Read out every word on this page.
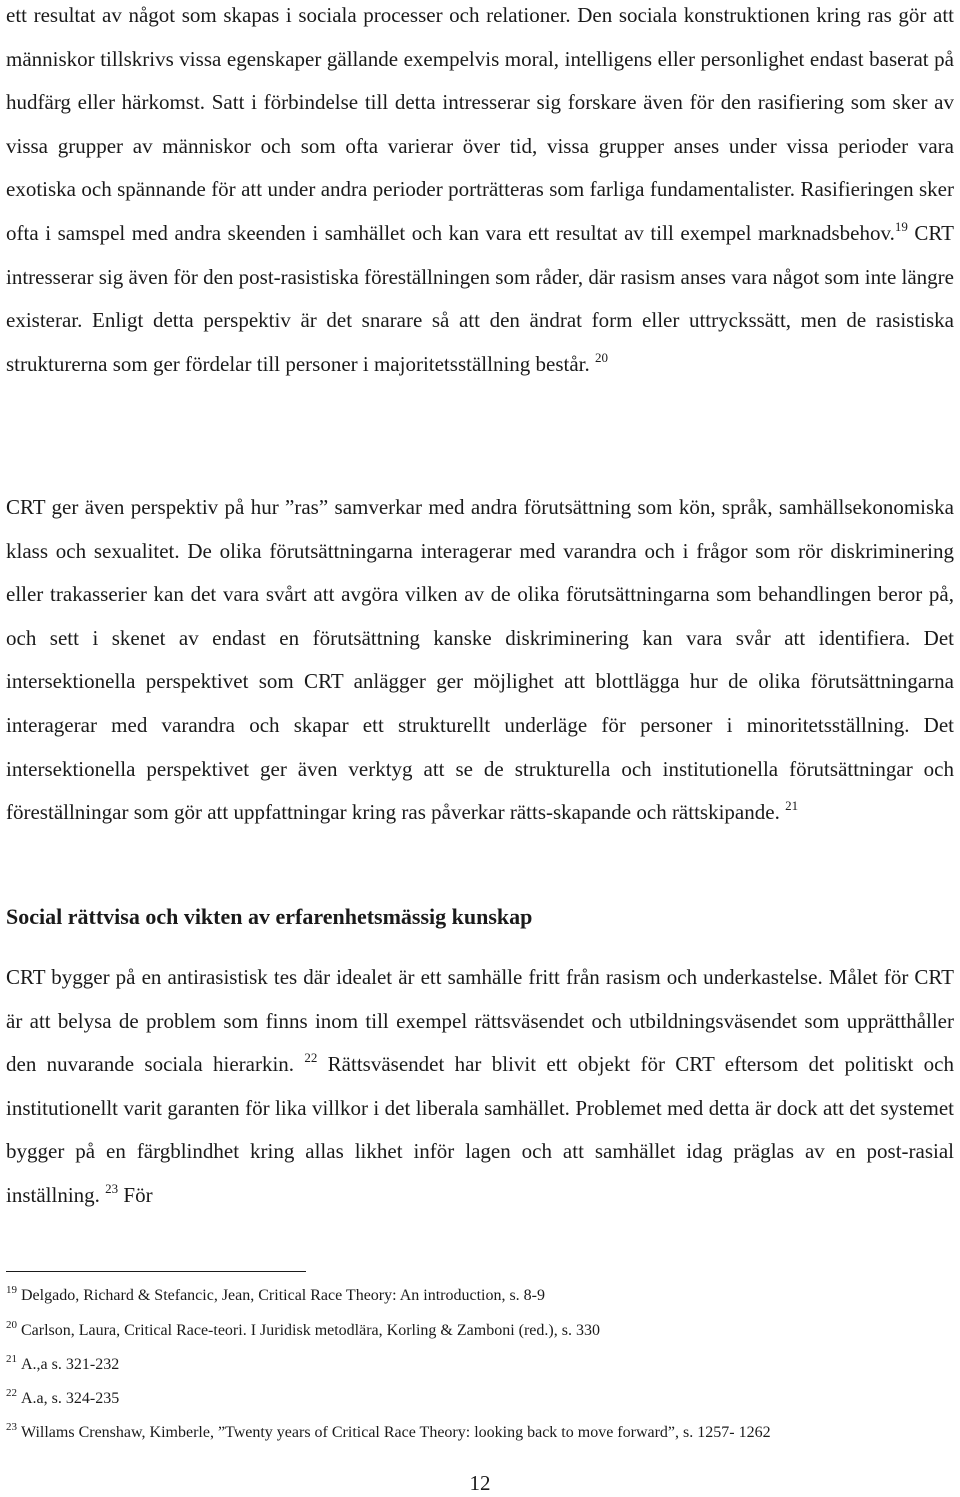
ett resultat av något som skapas i sociala processer och relationer. Den sociala konstruktionen kring ras gör att människor tillskrivs vissa egenskaper gällande exempelvis moral, intelligens eller personlighet endast baserat på hudfärg eller härkomst. Satt i förbindelse till detta intresserar sig forskare även för den rasifiering som sker av vissa grupper av människor och som ofta varierar över tid, vissa grupper anses under vissa perioder vara exotiska och spännande för att under andra perioder porträtteras som farliga fundamentalister. Rasifieringen sker ofta i samspel med andra skeenden i samhället och kan vara ett resultat av till exempel marknadsbehov.$^{19}$ CRT intresserar sig även för den post-rasistiska föreställningen som råder, där rasism anses vara något som inte längre existerar. Enligt detta perspektiv är det snarare så att den ändrat form eller uttryckssätt, men de rasistiska strukturerna som ger fördelar till personer i majoritetsställning består. $^{20}$

CRT ger även perspektiv på hur ”ras” samverkar med andra förutsättning som kön, språk, samhällsekonomiska klass och sexualitet. De olika förutsättningarna interagerar med varandra och i frågor som rör diskriminering eller trakasserier kan det vara svårt att avgöra vilken av de olika förutsättningarna som behandlingen beror på, och sett i skenet av endast en förutsättning kanske diskriminering kan vara svår att identifiera. Det intersektionella perspektivet som CRT anlägger ger möjlighet att blottlägga hur de olika förutsättningarna interagerar med varandra och skapar ett strukturellt underläge för personer i minoritetsställning. Det intersektionella perspektivet ger även verktyg att se de strukturella och institutionella förutsättningar och föreställningar som gör att uppfattningar kring ras påverkar rätts-skapande och rättskipande. $^{21}$

Social rättvisa och vikten av erfarenhetsmässig kunskap

CRT bygger på en antirasistisk tes där idealet är ett samhälle fritt från rasism och underkastelse. Målet för CRT är att belysa de problem som finns inom till exempel rättsväsendet och utbildningsväsendet som upprätthåller den nuvarande sociala hierarkin. $^{22}$ Rättsväsendet har blivit ett objekt för CRT eftersom det politiskt och institutionellt varit garanten för lika villkor i det liberala samhället. Problemet med detta är dock att det systemet bygger på en färgblindhet kring allas likhet inför lagen och att samhället idag präglas av en post-rasial inställning. $^{23}$ För

$^{19}$ Delgado, Richard & Stefancic, Jean, Critical Race Theory: An introduction, s. 8-9

$^{20}$ Carlson, Laura, Critical Race-teori. I Juridisk metodlära, Korling & Zamboni (red.), s. 330

$^{21}$ A.,a s. 321-232

$^{22}$ A.a, s. 324-235

$^{23}$ Willams Crenshaw, Kimberle, ”Twenty years of Critical Race Theory: looking back to move forward”, s. 1257- 1262

12
